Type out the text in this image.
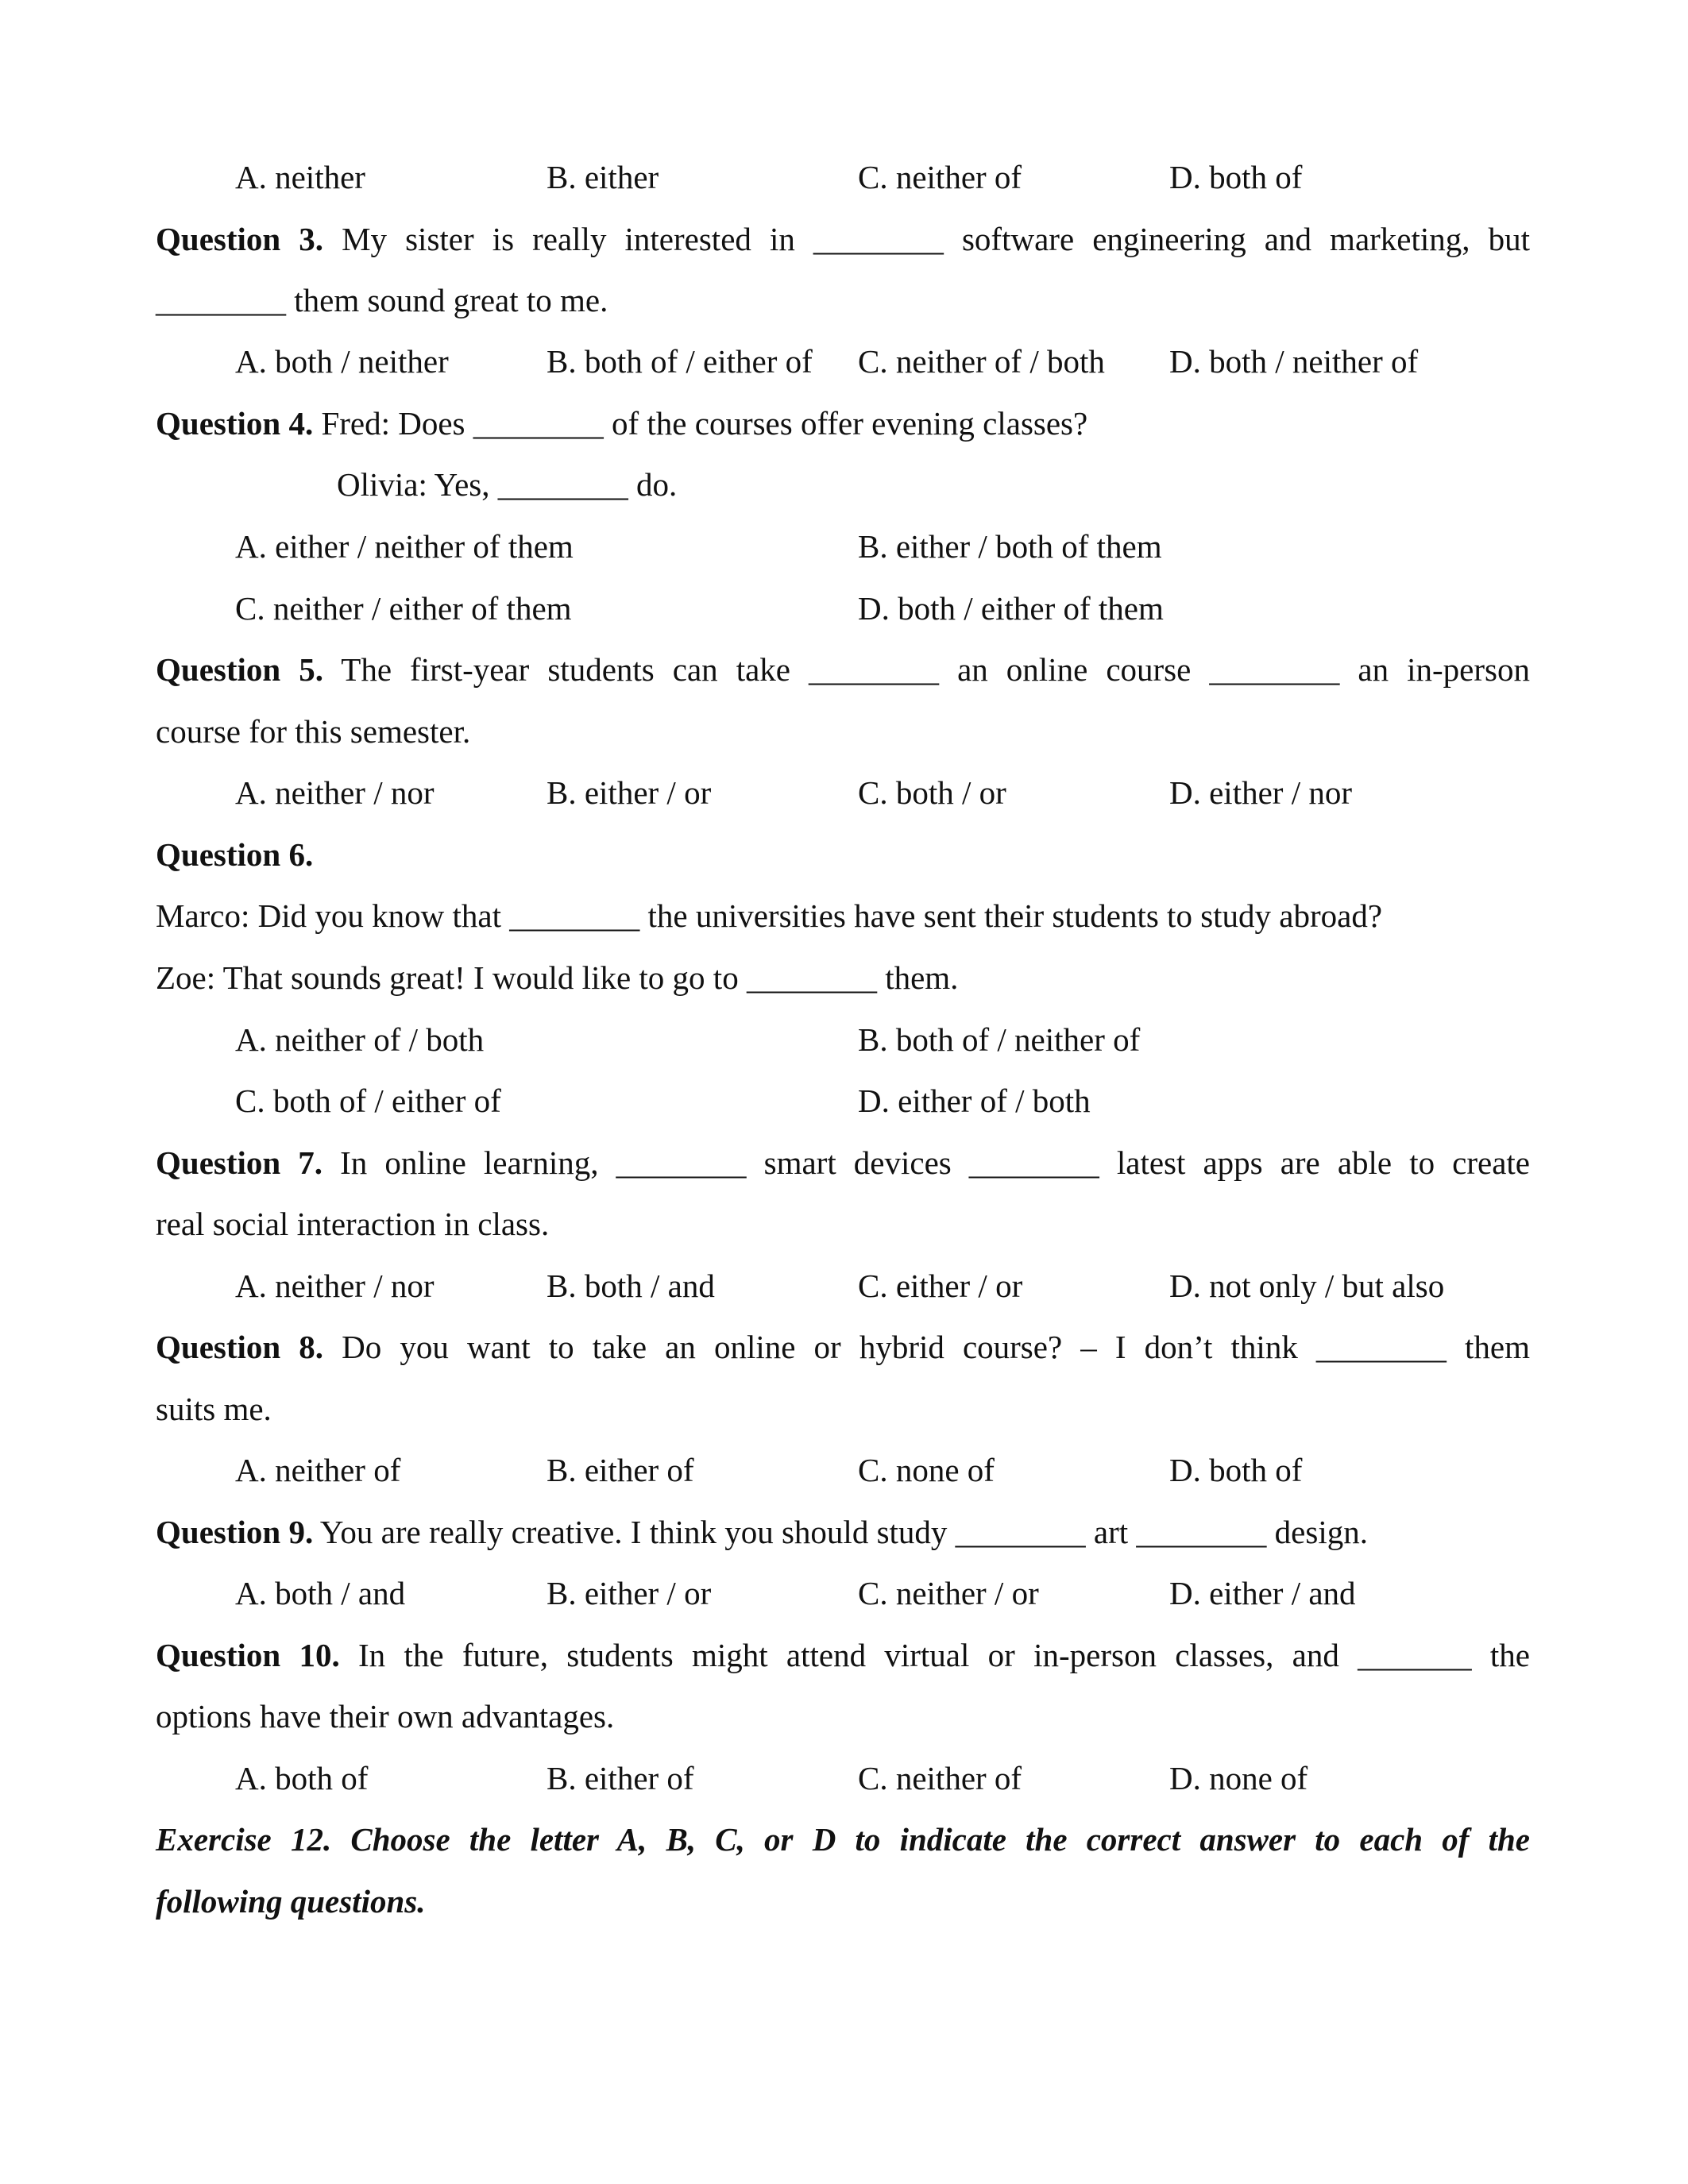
A. neither	B. either	C. neither of	D. both of
Question 3. My sister is really interested in ________ software engineering and marketing, but
________ them sound great to me.
A. both / neither	B. both of / either of C. neither of / both D. both / neither of
Question 4. Fred: Does ________ of the courses offer evening classes?
Olivia: Yes, ________ do.
A. either / neither of them	B. either / both of them
C. neither / either of them	D. both / either of them
Question 5. The first-year students can take ________ an online course ________ an in-person
course for this semester.
A. neither / nor	B. either / or	C. both / or	D. either / nor
Question 6.
Marco: Did you know that ________ the universities have sent their students to study abroad?
Zoe: That sounds great! I would like to go to ________ them.
A. neither of / both	B. both of / neither of
C. both of / either of	D. either of / both
Question 7. In online learning, ________ smart devices ________ latest apps are able to create
real social interaction in class.
A. neither / nor	B. both / and	C. either / or	D. not only / but also
Question 8. Do you want to take an online or hybrid course? – I don’t think ________ them
suits me.
A. neither of	B. either of	C. none of	D. both of
Question 9. You are really creative. I think you should study ________ art ________ design.
A. both / and	B. either / or	C. neither / or	D. either / and
Question 10. In the future, students might attend virtual or in-person classes, and _______ the
options have their own advantages.
A. both of	B. either of	C. neither of	D. none of
Exercise 12. Choose the letter A, B, C, or D to indicate the correct answer to each of the
following questions.
